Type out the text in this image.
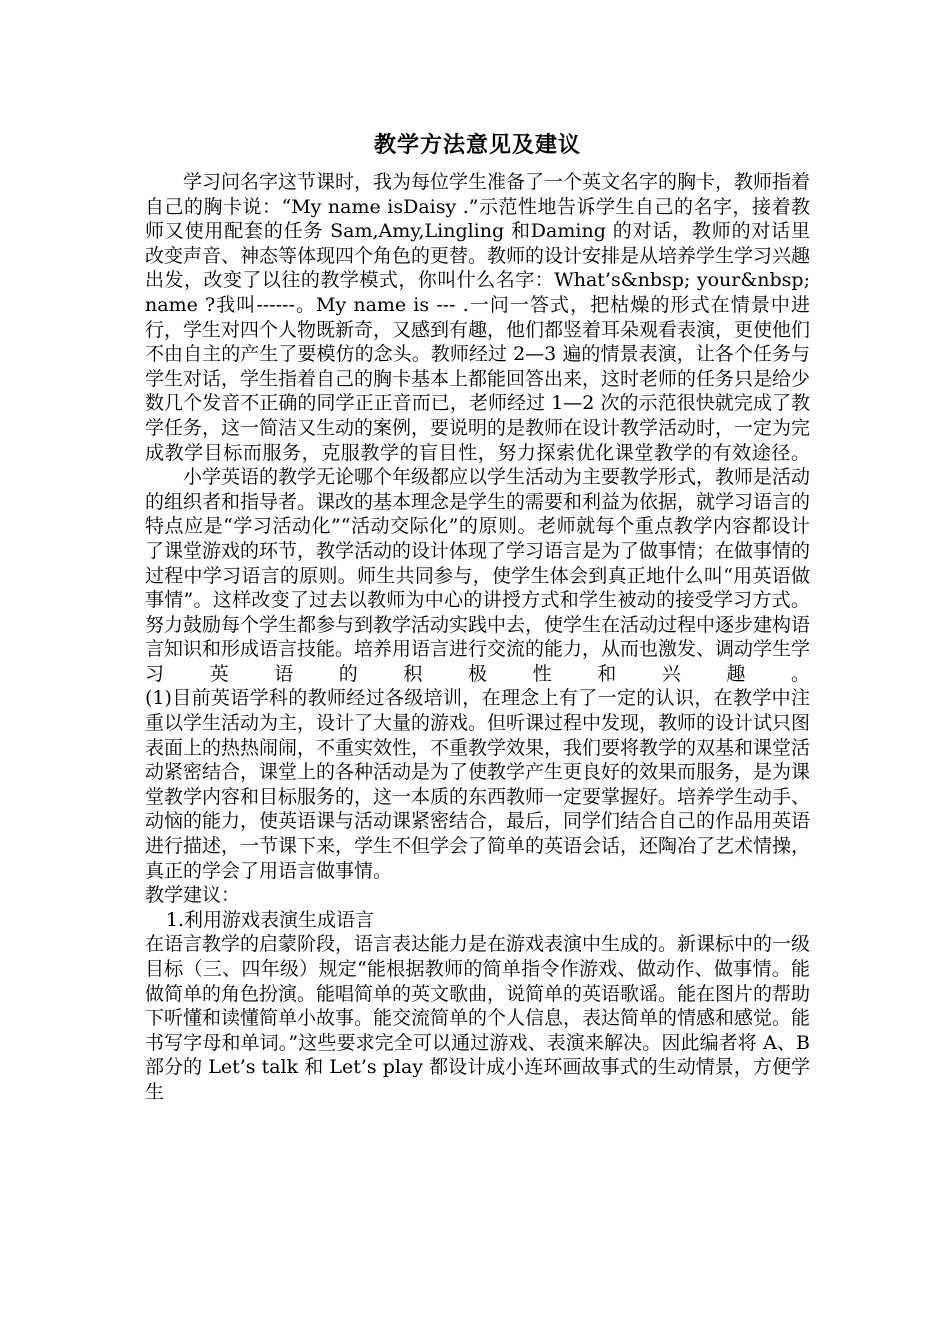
教学方法意见及建议

学习问名字这节课时，我为每位学生准备了一个英文名字的胸卡，教师指着自己的胸卡说：“My name isDaisy .”示范性地告诉学生自己的名字，接着教师又使用配套的任务 Sam,Amy,Lingling 和Daming 的对话，教师的对话里改变声音、神态等体现四个角色的更替。教师的设计安排是从培养学生学习兴趣出发，改变了以往的教学模式，你叫什么名字：What’s&nbsp; your&nbsp; name ?我叫------。My name is --- .一问一答式，把枯燥的形式在情景中进行，学生对四个人物既新奇，又感到有趣，他们都竖着耳朵观看表演，更使他们不由自主的产生了要模仿的念头。教师经过 2—3 遍的情景表演，让各个任务与学生对话，学生指着自己的胸卡基本上都能回答出来，这时老师的任务只是给少数几个发音不正确的同学正正音而已，老师经过 1—2 次的示范很快就完成了教学任务，这一简洁又生动的案例，要说明的是教师在设计教学活动时，一定为完成教学目标而服务，克服教学的盲目性，努力探索优化课堂教学的有效途径。

小学英语的教学无论哪个年级都应以学生活动为主要教学形式，教师是活动的组织者和指导者。课改的基本理念是学生的需要和利益为依据，就学习语言的特点应是“学习活动化”“活动交际化”的原则。老师就每个重点教学内容都设计了课堂游戏的环节，教学活动的设计体现了学习语言是为了做事情；在做事情的过程中学习语言的原则。师生共同参与，使学生体会到真正地什么叫“用英语做事情”。这样改变了过去以教师为中心的讲授方式和学生被动的接受学习方式。努力鼓励每个学生都参与到教学活动实践中去，使学生在活动过程中逐步建构语言知识和形成语言技能。培养用语言进行交流的能力，从而也激发、调动学生学习英语的积极性和兴趣。

(1)目前英语学科的教师经过各级培训，在理念上有了一定的认识，在教学中注重以学生活动为主，设计了大量的游戏。但听课过程中发现，教师的设计试只图表面上的热热闹闹，不重实效性，不重教学效果，我们要将教学的双基和课堂活动紧密结合，课堂上的各种活动是为了使教学产生更良好的效果而服务，是为课堂教学内容和目标服务的，这一本质的东西教师一定要掌握好。培养学生动手、动恼的能力，使英语课与活动课紧密结合，最后，同学们结合自己的作品用英语进行描述，一节课下来，学生不但学会了简单的英语会话，还陶冶了艺术情操，真正的学会了用语言做事情。

教学建议：

1.利用游戏表演生成语言

在语言教学的启蒙阶段，语言表达能力是在游戏表演中生成的。新课标中的一级目标（三、四年级）规定“能根据教师的简单指令作游戏、做动作、做事情。能做简单的角色扮演。能唱简单的英文歌曲，说简单的英语歌谣。能在图片的帮助下听懂和读懂简单小故事。能交流简单的个人信息，表达简单的情感和感觉。能书写字母和单词。”这些要求完全可以通过游戏、表演来解决。因此编者将 A、B 部分的 Let’s talk 和 Let’s play 都设计成小连环画故事式的生动情景，方便学生
